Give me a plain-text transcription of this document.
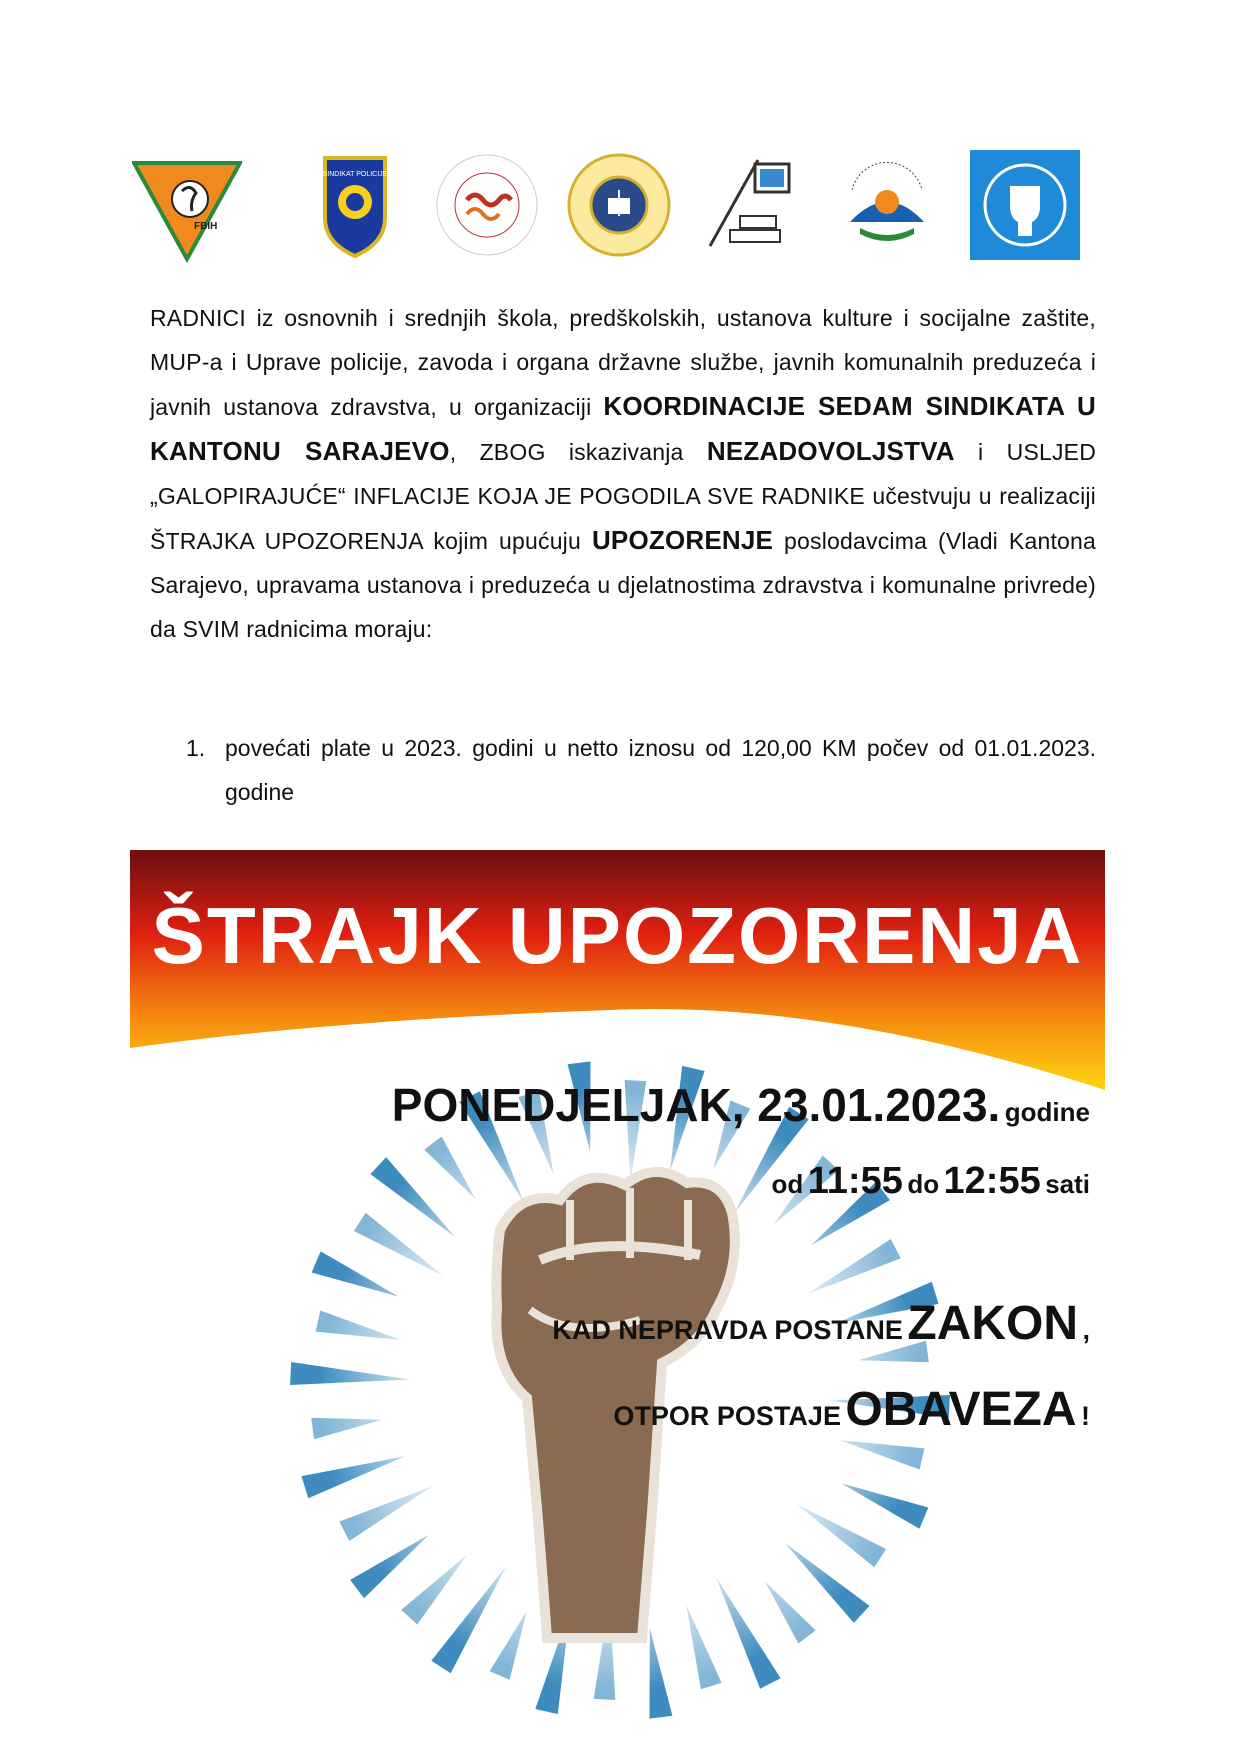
FBIH
SINDIKAT POLICIJE
RADNICI iz osnovnih i srednjih škola, predškolskih, ustanova kulture i socijalne zaštite, MUP-a i Uprave policije, zavoda i organa državne službe, javnih komunalnih preduzeća i javnih ustanova zdravstva, u organizaciji KOORDINACIJE SEDAM SINDIKATA U KANTONU SARAJEVO, ZBOG iskazivanja NEZADOVOLJSTVA i USLJED „GALOPIRAJUĆE“ INFLACIJE KOJA JE POGODILA SVE RADNIKE učestvuju u realizaciji ŠTRAJKA UPOZORENJA kojim upućuju UPOZORENJE poslodavcima (Vladi Kantona Sarajevo, upravama ustanova i preduzeća u djelatnostima zdravstva i komunalne privrede) da SVIM radnicima moraju:
1. povećati plate u 2023. godini u netto iznosu od 120,00 KM počev od 01.01.2023. godine
ŠTRAJK UPOZORENJA
PONEDJELJAK, 23.01.2023. godine
od 11:55 do 12:55 sati
KAD NEPRAVDA POSTANE ZAKON ,
OTPOR POSTAJE OBAVEZA !
